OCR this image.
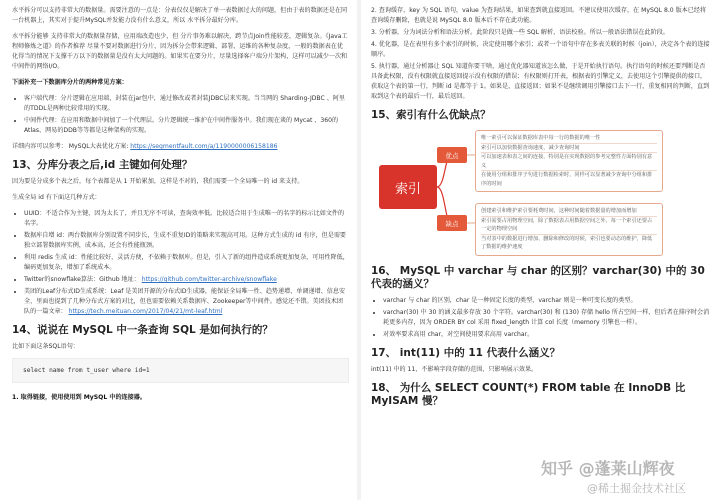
水平拆分可以支持非常大的数据量。需要注意的一点是：分表仅仅是解决了单一表数据过大的问题，但由于表的数据还是在同一台机器上，其实对于提升MySQL并发能力没有什么意义，所以 水平拆分最好分库。

水平拆分能够 支持非常大的数据量存储，应用端改造也少，但 分片事务难以解决，跨节点Join性能较差，逻辑复杂。《Java工程师修炼之道》的作者推荐 尽量不要对数据进行分片，因为拆分会带来逻辑、部署、运维的各种复杂度，一般的数据表在优化得当的情况下支撑千万以下的数据量是没有太大问题的。如果实在要分片，尽量选择客户端分片架构，这样可以减少一次和中间件的网络I/O。

下面补充一下数据库分片的两种常见方案：

• 客户端代理：分片逻辑在应用端，封装在jar包中，通过修改或者封装JDBC层来实现。当当网的 Sharding-JDBC 、阿里的TDDL是两种比较常用的实现。
• 中间件代理：在应用和数据中间加了一个代理层。分片逻辑统一维护在中间件服务中。我们现在谈的 Mycat 、360的Atlas、网易的DDB等等都是这种架构的实现。

详细内容可以参考： MySQL大表优化方案: https://segmentfault.com/a/1190000006158186

13、分库分表之后,id 主键如何处理？

因为要是分成多个表之后，每个表都是从 1 开始累加，这样是不对的，我们需要一个全局唯一的 id 来支持。

生成全局 id 有下面这几种方式：

• UUID：不适合作为主键，因为太长了，并且无序不可读，查询效率低。比较适合用于生成唯一的名字的标示比如文件的名字。
• 数据库自增 id：两台数据库分别设置不同步长，生成不重复ID的策略来实现高可用。这种方式生成的 id 有序，但是需要独立部署数据库实例，成本高，还会有性能瓶颈。
• 利用 redis 生成 id：性能比较好，灵活方便，不依赖于数据库。但是，引入了新的组件造成系统更加复杂，可用性降低，编码更加复杂，增加了系统成本。
• Twitter的snowflake算法：Github 地址： https://github.com/twitter-archive/snowflake
• 美团的Leaf分布式ID生成系统：Leaf 是美团开源的分布式ID生成器，能保证全局唯一性、趋势递增、单调递增、信息安全，里面也提到了几种分布式方案的对比，但也需要依赖关系数据库、Zookeeper等中间件。感觉还不错。美团技术团队的一篇文章： https://tech.meituan.com/2017/04/21/mt-leaf.html
14、说说在 MySQL 中一条查询 SQL 是如何执行的？

比如下面这条SQL语句：

select name from t_user where id=1

1. 取得链接，使用使用到 MySQL 中的连接器。

2. 查询缓存，key 为 SQL 语句，value 为查询结果，如果查到就直接返回。不建议使用次缓存，在 MySQL 8.0 版本已经将查询缓存删除，也就是说 MySQL 8.0 版本后不存在此功能。
3. 分析器，分为词法分析和语法分析。此阶段只是做一些 SQL 解析，语法校验。所以一般语法错误在此阶段。
4. 优化器，是在表里有多个索引的时候，决定使用哪个索引；或者一个语句中存在多表关联的时候（join），决定各个表的连接顺序。
5. 执行器，通过分析器让 SQL 知道你要干啥，通过优化器知道该怎么做，于是开始执行语句。执行语句的时候还要判断是否具备此权限，没有权限就直接返回提示没有权限的错误；有权限则打开表，根据表的引擎定义，去使用这个引擎提供的接口，获取这个表的第一行，判断 id 是都等于 1。如果是，直接返回；如果不是继续调用引擎接口去下一行，重复相同的判断，直到取到这个表的最后一行，最后返回。
15、索引有什么优缺点？
索引
优点
缺点
唯一索引可以保证数据库表中每一行的数据的唯一性
索引可以加快数据查询速度，减少查询时间
可以加速表和表之间的连接，特别是在实现数据的参考完整性方面特别有意义
在使用分组和排序子句进行数据检索时，同样可以显著减少查询中分组和排序的时间
创建索引和维护索引要耗费时间，这种时间随着数据量的增加而增加
索引需要占用物理空间，除了数据表占用数据空间之外，每一个索引还要占一定的物理空间
当对表中的数据进行增加、删除和修改的时候，索引也要动态的维护，降低了数据的维护速度
16、 MySQL 中 varchar 与 char 的区别？varchar(30) 中的 30 代表的涵义？
• varchar 与 char 的区别，char 是一种固定长度的类型，varchar 则是一种可变长度的类型。
• varchar(30) 中 30 的涵义最多存放 30 个字符。varchar(30) 和 (130) 存储 hello 所占空间一样，但后者在排序时会消耗更多内存，因为 ORDER BY col 采用 fixed_length 计算 col 长度（memory 引擎也一样）。
• 对效率要求高用 char，对空间使用要求高用 varchar。
17、 int(11) 中的 11 代表什么涵义？

int(11) 中的 11，不影响字段存储的范围，只影响展示效果。

18、 为什么 SELECT COUNT(*) FROM table 在 InnoDB 比 MyISAM 慢？
知乎 @蓬莱山辉夜
@稀土掘金技术社区
